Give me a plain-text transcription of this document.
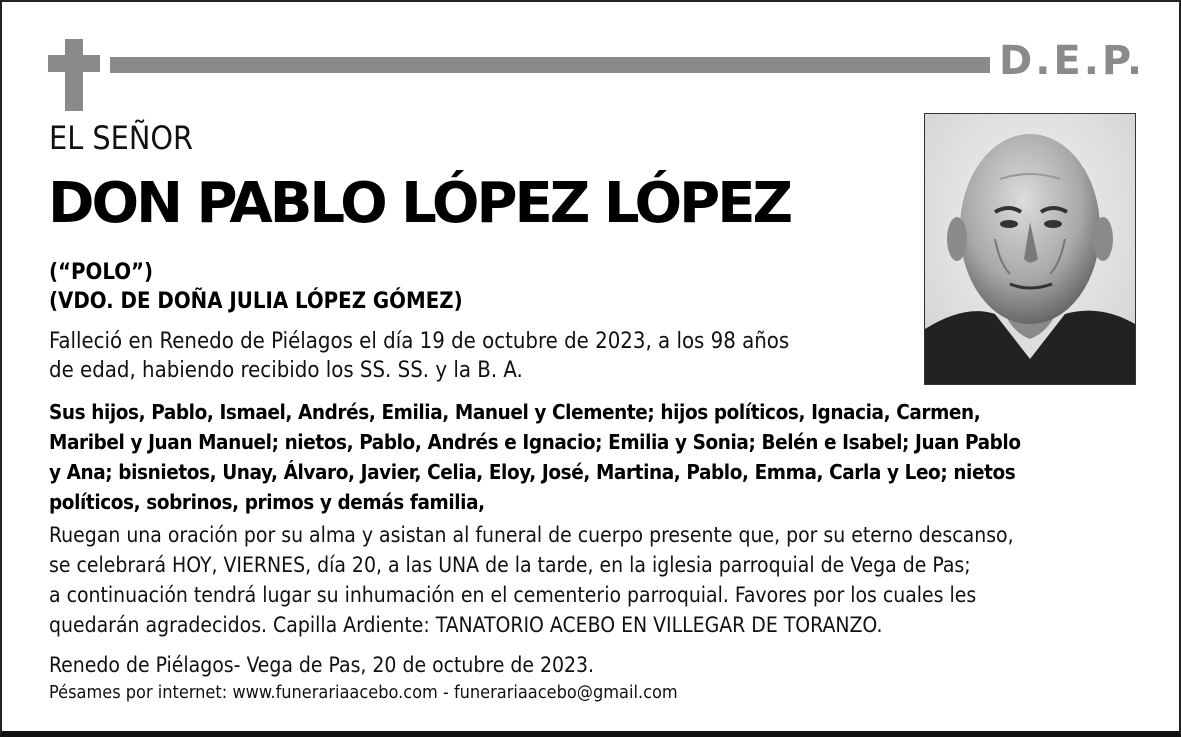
D.E.P.
EL SEÑOR
DON PABLO LÓPEZ LÓPEZ
(“POLO”)
(VDO. DE DOÑA JULIA LÓPEZ GÓMEZ)
Falleció en Renedo de Piélagos el día 19 de octubre de 2023, a los 98 años
de edad, habiendo recibido los SS. SS. y la B. A.
Sus hijos, Pablo, Ismael, Andrés, Emilia, Manuel y Clemente; hijos políticos, Ignacia, Carmen,
Maribel y Juan Manuel; nietos, Pablo, Andrés e Ignacio; Emilia y Sonia; Belén e Isabel; Juan Pablo
y Ana; bisnietos, Unay, Álvaro, Javier, Celia, Eloy, José, Martina, Pablo, Emma, Carla y Leo; nietos
políticos, sobrinos, primos y demás familia,
Ruegan una oración por su alma y asistan al funeral de cuerpo presente que, por su eterno descanso,
se celebrará HOY, VIERNES, día 20, a las UNA de la tarde, en la iglesia parroquial de Vega de Pas;
a continuación tendrá lugar su inhumación en el cementerio parroquial. Favores por los cuales les
quedarán agradecidos. Capilla Ardiente: TANATORIO ACEBO EN VILLEGAR DE TORANZO.
Renedo de Piélagos- Vega de Pas, 20 de octubre de 2023.
Pésames por internet: www.funerariaacebo.com - funerariaacebo@gmail.com
